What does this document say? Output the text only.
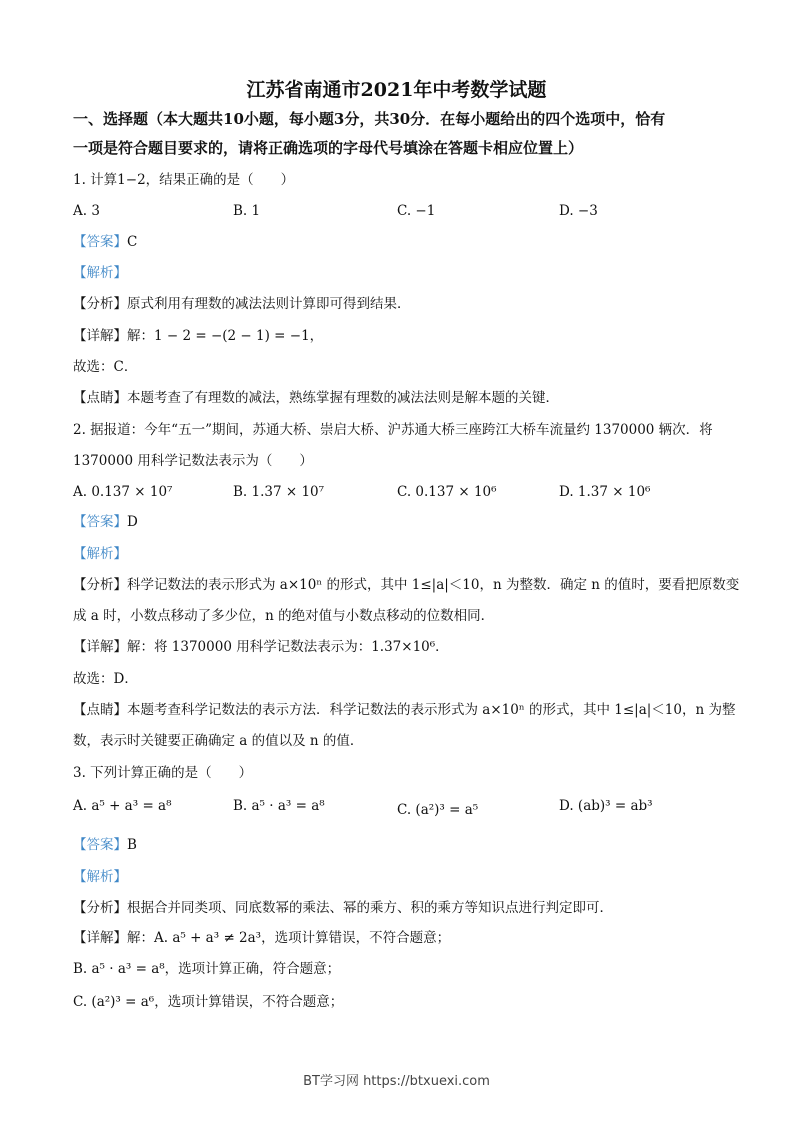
江苏省南通市2021年中考数学试题
一、选择题（本大题共10小题，每小题3分，共30分．在每小题给出的四个选项中，恰有
一项是符合题目要求的，请将正确选项的字母代号填涂在答题卡相应位置上）
1. 计算1−2，结果正确的是（　　）
A. 3	B. 1	C. −1	D. −3
【答案】C
【解析】
【分析】原式利用有理数的减法法则计算即可得到结果．
【详解】解：1 − 2 = −(2 − 1) = −1，
故选：C．
【点睛】本题考查了有理数的减法，熟练掌握有理数的减法法则是解本题的关键．
2. 据报道：今年“五一”期间，苏通大桥、崇启大桥、沪苏通大桥三座跨江大桥车流量约 1370000 辆次．将
1370000 用科学记数法表示为（　　）
A. 0.137 × 10⁷	B. 1.37 × 10⁷	C. 0.137 × 10⁶	D. 1.37 × 10⁶
【答案】D
【解析】
【分析】科学记数法的表示形式为 a×10ⁿ 的形式，其中 1≤|a|＜10，n 为整数．确定 n 的值时，要看把原数变
成 a 时，小数点移动了多少位，n 的绝对值与小数点移动的位数相同．
【详解】解：将 1370000 用科学记数法表示为：1.37×10⁶．
故选：D．
【点睛】本题考查科学记数法的表示方法．科学记数法的表示形式为 a×10ⁿ 的形式，其中 1≤|a|＜10，n 为整
数，表示时关键要正确确定 a 的值以及 n 的值．
3. 下列计算正确的是（　　）
A. a⁵ + a³ = a⁸	B. a⁵ · a³ = a⁸	C. (a²)³ = a⁵	D. (ab)³ = ab³
【答案】B
【解析】
【分析】根据合并同类项、同底数幂的乘法、幂的乘方、积的乘方等知识点进行判定即可．
【详解】解：A. a⁵ + a³ ≠ 2a³，选项计算错误，不符合题意；
B. a⁵ · a³ = a⁸，选项计算正确，符合题意；
C. (a²)³ = a⁶，选项计算错误，不符合题意；
BT学习网 https://btxuexi.com
